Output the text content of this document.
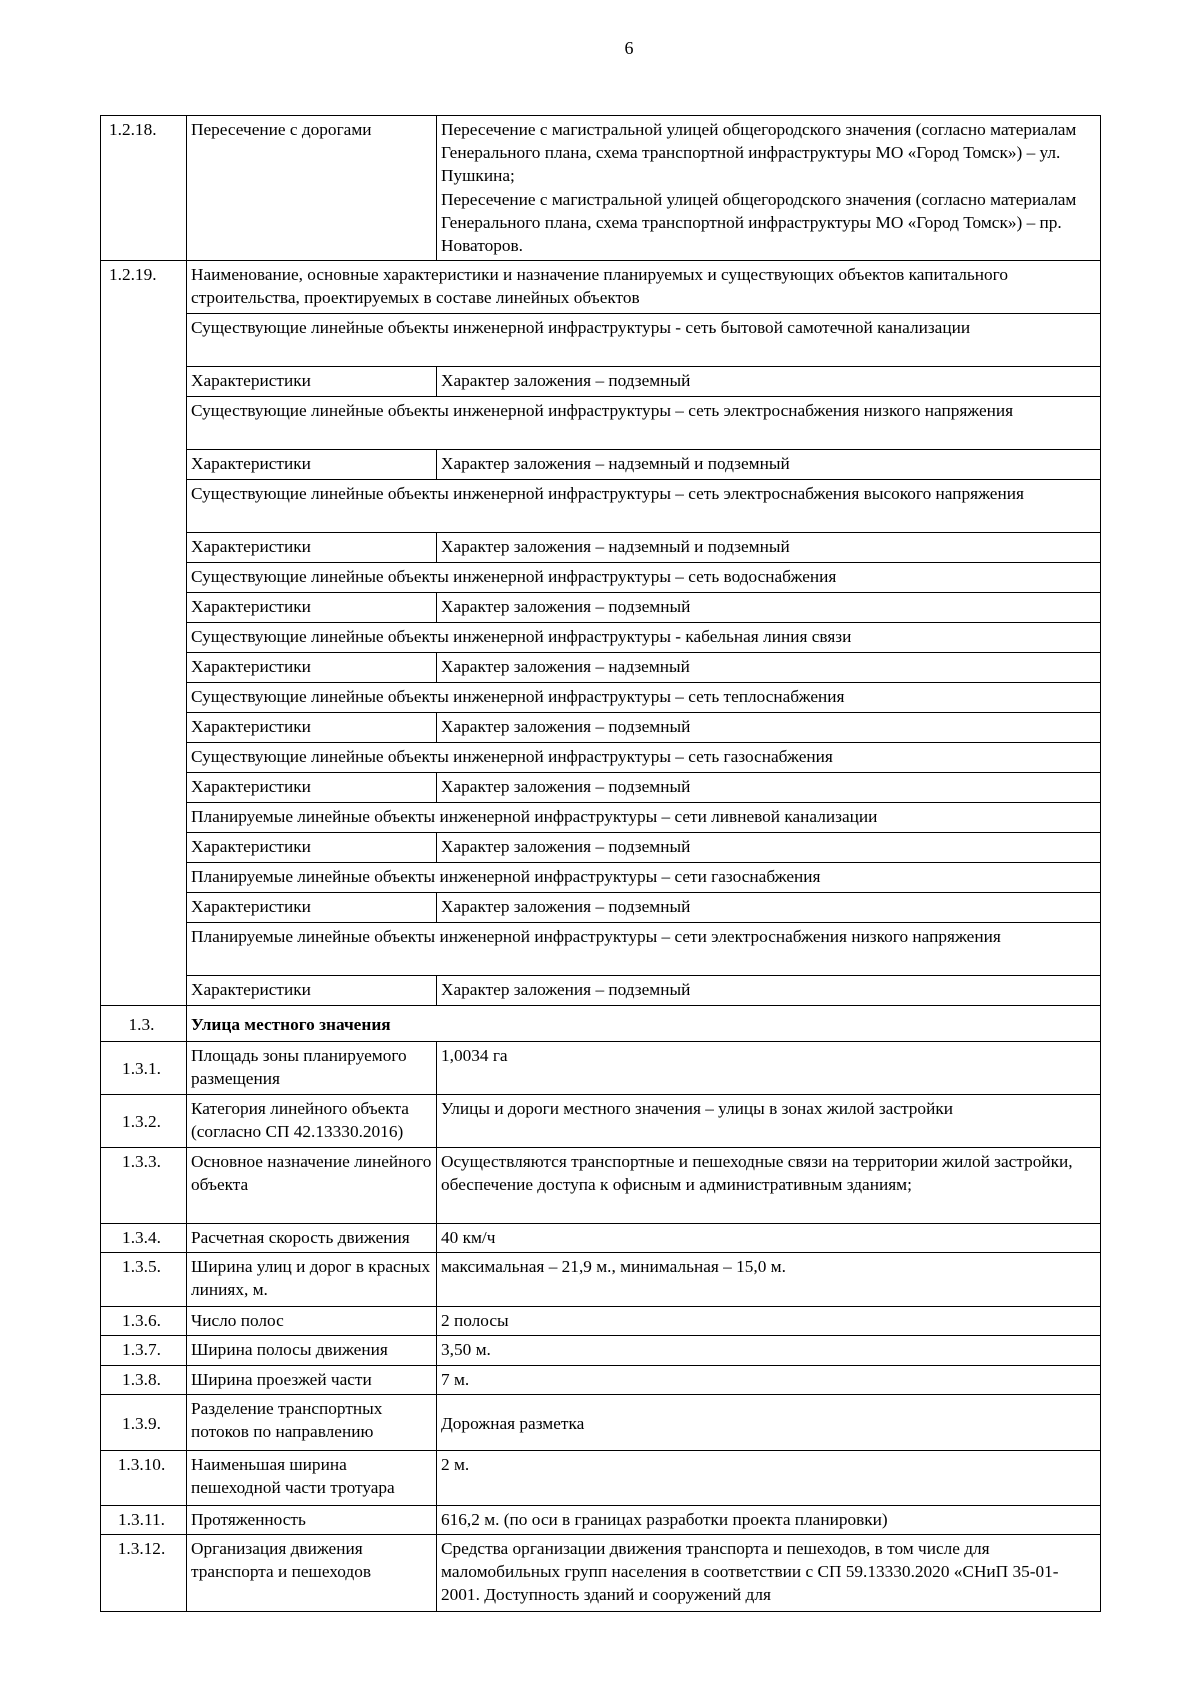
6
1.2.18.	Пересечение с дорогами	Пересечение с магистральной улицей общегородского значения (согласно материалам Генерального плана, схема транспортной инфраструктуры МО «Город Томск») – ул. Пушкина;
Пересечение с магистральной улицей общегородского значения (согласно материалам Генерального плана, схема транспортной инфраструктуры МО «Город Томск») – пр. Новаторов.

1.2.19.	Наименование, основные характеристики и назначение планируемых и существующих объектов капитального строительства, проектируемых в составе линейных объектов	
	Существующие линейные объекты инженерной инфраструктуры - сеть бытовой самотечной канализации	
	Характеристики	Характер заложения – подземный
	Существующие линейные объекты инженерной инфраструктуры – сеть электроснабжения низкого напряжения	
	Характеристики	Характер заложения – надземный и подземный
	Существующие линейные объекты инженерной инфраструктуры – сеть электроснабжения высокого напряжения	
	Характеристики	Характер заложения – надземный и подземный
	Существующие линейные объекты инженерной инфраструктуры – сеть водоснабжения	
	Характеристики	Характер заложения – подземный
	Существующие линейные объекты инженерной инфраструктуры - кабельная линия связи	
	Характеристики	Характер заложения – надземный
	Существующие линейные объекты инженерной инфраструктуры – сеть теплоснабжения	
	Характеристики	Характер заложения – подземный
	Существующие линейные объекты инженерной инфраструктуры – сеть газоснабжения	
	Характеристики	Характер заложения – подземный
	Планируемые линейные объекты инженерной инфраструктуры – сети ливневой канализации	
	Характеристики	Характер заложения – подземный
	Планируемые линейные объекты инженерной инфраструктуры – сети газоснабжения	
	Характеристики	Характер заложения – подземный
	Планируемые линейные объекты инженерной инфраструктуры – сети электроснабжения низкого напряжения	
	Характеристики	Характер заложения – подземный
1.3.	Улица местного значения	
1.3.1.	Площадь зоны планируемого размещения	1,0034 га
1.3.2.	Категория линейного объекта (согласно СП 42.13330.2016)	Улицы и дороги местного значения – улицы в зонах жилой застройки
1.3.3.	Основное назначение линейного объекта	Осуществляются транспортные и пешеходные связи на территории жилой застройки, обеспечение доступа к офисным и административным зданиям;
1.3.4.	Расчетная скорость движения	40 км/ч
1.3.5.	Ширина улиц и дорог в красных линиях, м.	максимальная – 21,9 м., минимальная – 15,0 м.
1.3.6.	Число полос	2 полосы
1.3.7.	Ширина полосы движения	3,50 м.
1.3.8.	Ширина проезжей части	7 м.
1.3.9.	Разделение транспортных потоков по направлению	Дорожная разметка
1.3.10.	Наименьшая ширина пешеходной части тротуара	2 м.
1.3.11.	Протяженность	616,2 м. (по оси в границах разработки проекта планировки)
1.3.12.	Организация движения транспорта и пешеходов	Средства организации движения транспорта и пешеходов, в том числе для маломобильных групп населения в соответствии с СП 59.13330.2020 «СНиП 35-01-2001. Доступность зданий и сооружений для
